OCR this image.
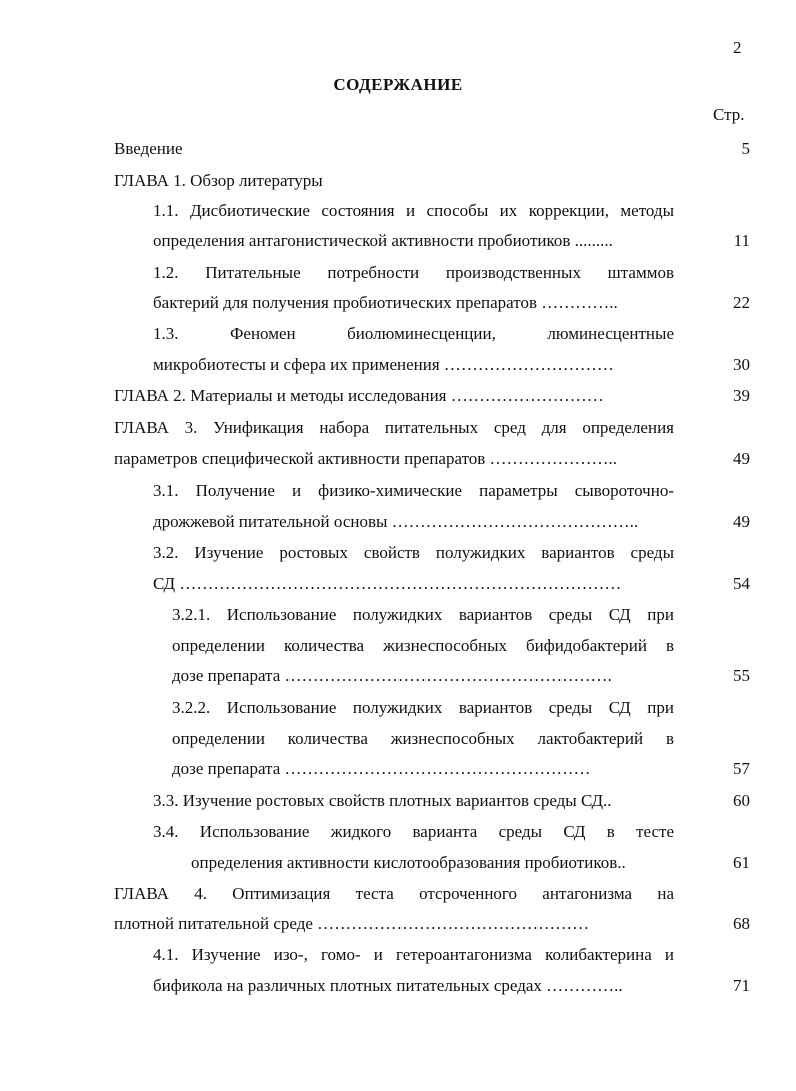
2
СОДЕРЖАНИЕ
Стр.
Введение	5
ГЛАВА 1. Обзор литературы
1.1. Дисбиотические состояния и способы их коррекции, методы
определения антагонистической активности пробиотиков .........	11
1.2. Питательные потребности производственных штаммов
бактерий для получения пробиотических препаратов …………..	22
1.3. Феномен биолюминесценции, люминесцентные
микробиотесты и сфера их применения …………………………	30
ГЛАВА 2. Материалы и методы исследования ………………………	39
ГЛАВА 3. Унификация набора питательных сред для определения
параметров специфической активности препаратов …………………..	49
3.1. Получение и физико-химические параметры сывороточно-
дрожжевой питательной основы ……………………………………..	49
3.2. Изучение ростовых свойств полужидких вариантов среды
СД ……………………………………………………………………	54
3.2.1. Использование полужидких вариантов среды СД при
определении количества жизнеспособных бифидобактерий в
дозе препарата ………………………………………………….	55
3.2.2. Использование полужидких вариантов среды СД при
определении количества жизнеспособных лактобактерий в
дозе препарата ………………………………………………	57
3.3. Изучение ростовых свойств плотных вариантов среды СД..	60
3.4. Использование жидкого варианта среды СД в тесте
определения активности кислотообразования пробиотиков..	61
ГЛАВА 4. Оптимизация теста отсроченного антагонизма на
плотной питательной среде …………………………………………	68
4.1. Изучение изо-, гомо- и гетероантагонизма колибактерина и
бификола на различных плотных питательных средах …………..	71
